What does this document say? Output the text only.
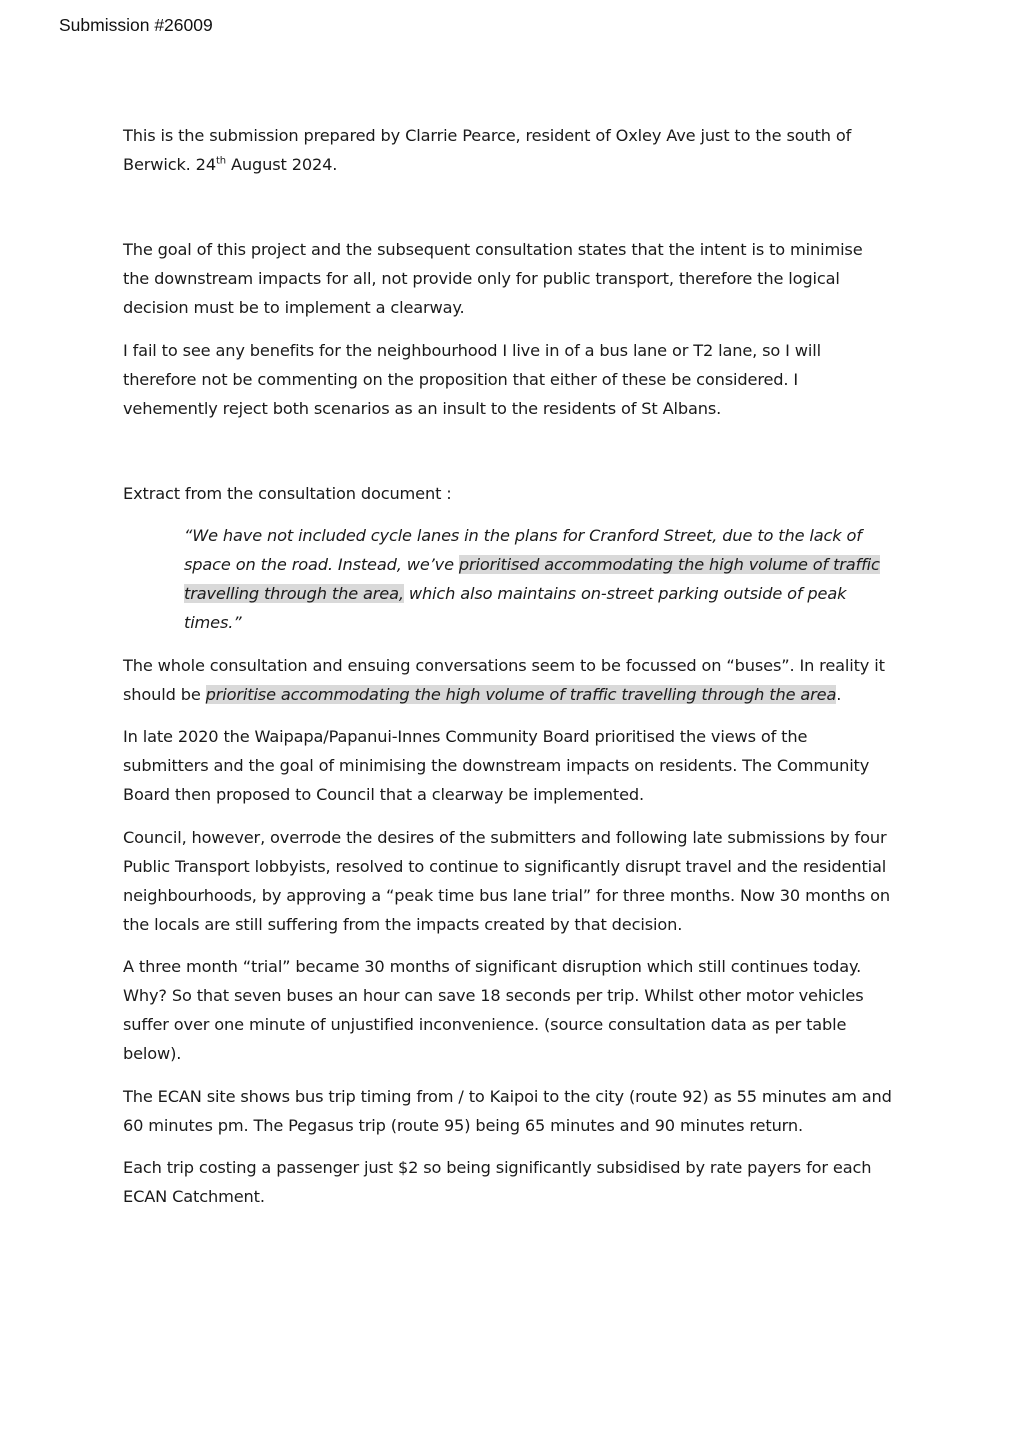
Submission #26009

This is the submission prepared by Clarrie Pearce, resident of Oxley Ave just to the south of Berwick. 24th August 2024.

The goal of this project and the subsequent consultation states that the intent is to minimise the downstream impacts for all, not provide only for public transport, therefore the logical decision must be to implement a clearway.

I fail to see any benefits for the neighbourhood I live in of a bus lane or T2 lane, so I will therefore not be commenting on the proposition that either of these be considered. I vehemently reject both scenarios as an insult to the residents of St Albans.

Extract from the consultation document :

“We have not included cycle lanes in the plans for Cranford Street, due to the lack of space on the road. Instead, we’ve prioritised accommodating the high volume of traffic travelling through the area, which also maintains on-street parking outside of peak times.”

The whole consultation and ensuing conversations seem to be focussed on “buses”. In reality it should be prioritise accommodating the high volume of traffic travelling through the area.

In late 2020 the Waipapa/Papanui-Innes Community Board prioritised the views of the submitters and the goal of minimising the downstream impacts on residents. The Community Board then proposed to Council that a clearway be implemented.

Council, however, overrode the desires of the submitters and following late submissions by four Public Transport lobbyists, resolved to continue to significantly disrupt travel and the residential neighbourhoods, by approving a “peak time bus lane trial” for three months. Now 30 months on the locals are still suffering from the impacts created by that decision.

A three month “trial” became 30 months of significant disruption which still continues today. Why? So that seven buses an hour can save 18 seconds per trip. Whilst other motor vehicles suffer over one minute of unjustified inconvenience. (source consultation data as per table below).

The ECAN site shows bus trip timing from / to Kaipoi to the city (route 92) as 55 minutes am and 60 minutes pm. The Pegasus trip (route 95) being 65 minutes and 90 minutes return.

Each trip costing a passenger just $2 so being significantly subsidised by rate payers for each ECAN Catchment.
